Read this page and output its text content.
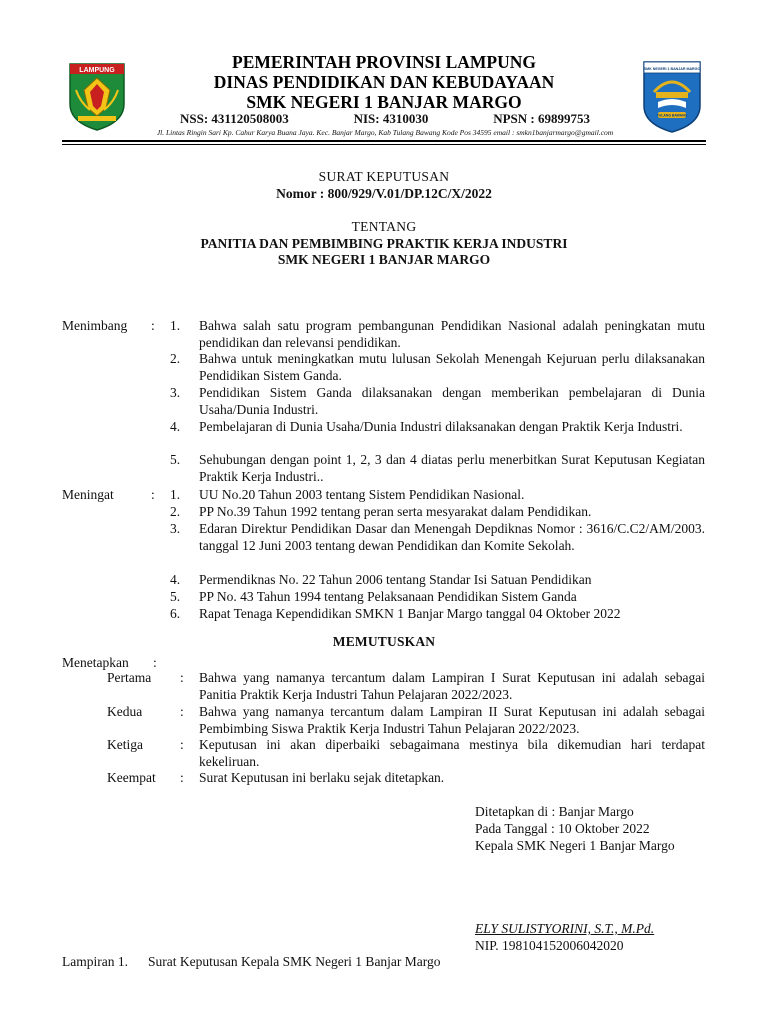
LAMPUNG	SMK NEGERI 1 BANJAR MARGO
TULANG BAWANG
PEMERINTAH PROVINSI LAMPUNG
DINAS PENDIDIKAN DAN KEBUDAYAAN
SMK NEGERI 1 BANJAR MARGO
NSS: 431120508003	NIS: 4310030	NPSN : 69899753
Jl. Lintas Ringin Sari Kp. Cahur Karya Buana Jaya. Kec. Banjar Margo, Kab Tulang Bawang Kode Pos 34595 email : smkn1banjarmargo@gmail.com
SURAT KEPUTUSAN
Nomor : 800/929/V.01/DP.12C/X/2022
TENTANG
PANITIA DAN PEMBIMBING PRAKTIK KERJA INDUSTRI
SMK NEGERI 1 BANJAR MARGO
Menimbang : 1.	Bahwa salah satu program pembangunan Pendidikan Nasional adalah peningkatan mutu pendidikan dan relevansi pendidikan.
2.	Bahwa untuk meningkatkan mutu lulusan Sekolah Menengah Kejuruan perlu dilaksanakan Pendidikan Sistem Ganda.
3.	Pendidikan Sistem Ganda dilaksanakan dengan memberikan pembelajaran di Dunia Usaha/Dunia Industri.
4.	Pembelajaran di Dunia Usaha/Dunia Industri dilaksanakan dengan Praktik Kerja Industri.
5.	Sehubungan dengan point 1, 2, 3 dan 4 diatas perlu menerbitkan Surat Keputusan Kegiatan Praktik Kerja Industri..
Meningat	: 1.	UU No.20 Tahun 2003 tentang Sistem Pendidikan Nasional.
2.	PP No.39 Tahun 1992 tentang peran serta mesyarakat dalam Pendidikan.
3.	Edaran Direktur Pendidikan Dasar dan Menengah Depdiknas Nomor : 3616/C.C2/AM/2003. tanggal 12 Juni 2003 tentang dewan Pendidikan dan Komite Sekolah.
4.	Permendiknas No. 22 Tahun 2006 tentang Standar Isi Satuan Pendidikan
5.	PP No. 43 Tahun 1994 tentang Pelaksanaan Pendidikan Sistem Ganda
6.	Rapat Tenaga Kependidikan SMKN 1 Banjar Margo tanggal 04 Oktober 2022
MEMUTUSKAN
Menetapkan :
Pertama : Bahwa yang namanya tercantum dalam Lampiran I Surat Keputusan ini adalah sebagai Panitia Praktik Kerja Industri Tahun Pelajaran 2022/2023.
Kedua	: Bahwa yang namanya tercantum dalam Lampiran II Surat Keputusan ini adalah sebagai Pembimbing Siswa Praktik Kerja Industri Tahun Pelajaran 2022/2023.
Ketiga	: Keputusan ini akan diperbaiki sebagaimana mestinya bila dikemudian hari terdapat kekeliruan.
Keempat : Surat Keputusan ini berlaku sejak ditetapkan.
Ditetapkan di : Banjar Margo
Pada Tanggal : 10 Oktober 2022
Kepala SMK Negeri 1 Banjar Margo
ELY SULISTYORINI, S.T., M.Pd.
NIP. 198104152006042020
Lampiran 1. Surat Keputusan Kepala SMK Negeri 1 Banjar Margo
